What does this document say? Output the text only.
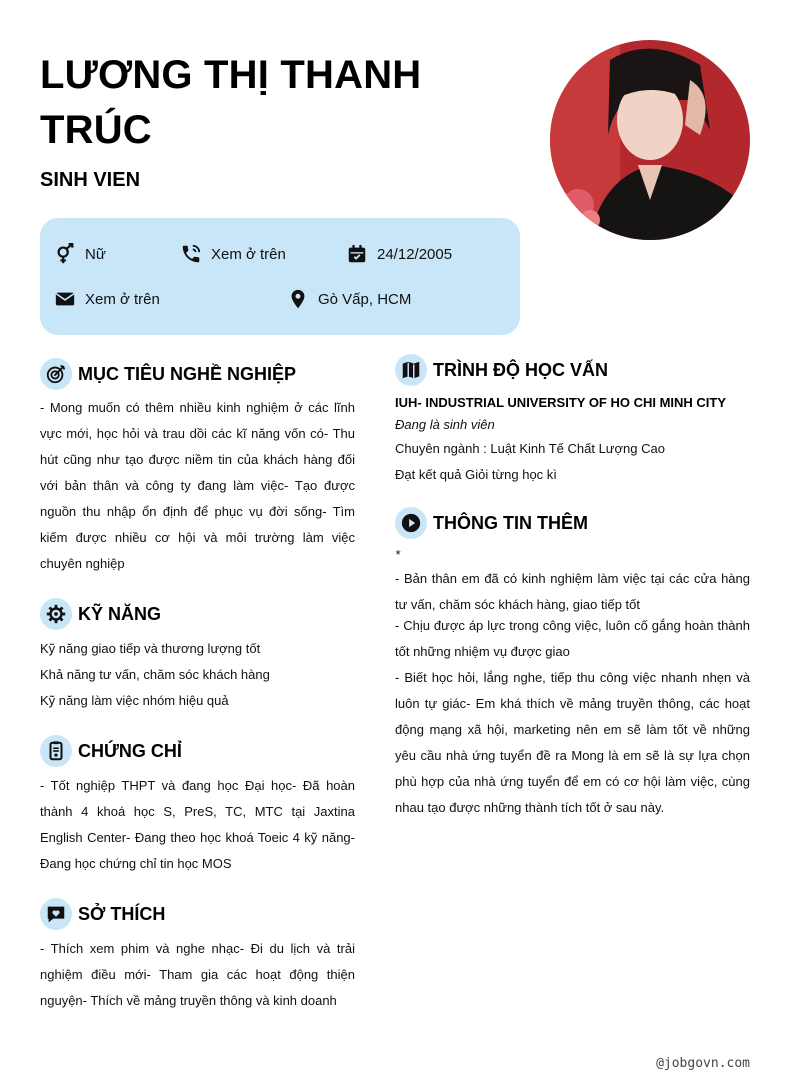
LƯƠNG THỊ THANH TRÚC
SINH VIEN
Nữ	Xem ở trên	24/12/2005
Xem ở trên	Gò Vấp, HCM
MỤC TIÊU NGHỀ NGHIỆP
- Mong muốn có thêm nhiều kinh nghiệm ở các lĩnh vực mới, học hỏi và trau dồi các kĩ năng vốn có- Thu hút cũng như tạo được niềm tin của khách hàng đối với bản thân và công ty đang làm việc- Tạo được nguồn thu nhập ổn định để phục vụ đời sống- Tìm kiếm được nhiều cơ hội và môi trường làm việc chuyên nghiệp
KỸ NĂNG
Kỹ năng giao tiếp và thương lượng tốt
Khả năng tư vấn, chăm sóc khách hàng
Kỹ năng làm việc nhóm hiệu quả
CHỨNG CHỈ
- Tốt nghiệp THPT và đang học Đại học- Đã hoàn thành 4 khoá học S, PreS, TC, MTC tại Jaxtina English Center- Đang theo học khoá Toeic 4 kỹ năng- Đang học chứng chỉ tin học MOS
SỞ THÍCH
- Thích xem phim và nghe nhạc- Đi du lịch và trải nghiệm điều mới- Tham gia các hoạt động thiện nguyện- Thích về mảng truyền thông và kinh doanh
TRÌNH ĐỘ HỌC VẤN
IUH- INDUSTRIAL UNIVERSITY OF HO CHI MINH CITY
Đang là sinh viên
Chuyên ngành : Luật Kinh Tế Chất Lượng Cao
Đạt kết quả Giỏi từng học kì
THÔNG TIN THÊM
*
- Bản thân em đã có kinh nghiệm làm việc tại các cửa hàng tư vấn, chăm sóc khách hàng, giao tiếp tốt
- Chịu được áp lực trong công việc, luôn cố gắng hoàn thành tốt những nhiệm vụ được giao
- Biết học hỏi, lắng nghe, tiếp thu công việc nhanh nhẹn và luôn tự giác- Em khá thích về mảng truyền thông, các hoạt động mạng xã hội, marketing nên em sẽ làm tốt về những yêu cầu nhà ứng tuyển đề ra Mong là em sẽ là sự lựa chọn phù hợp của nhà ứng tuyển để em có cơ hội làm việc, cùng nhau tạo được những thành tích tốt ở sau này.
@jobgovn.com
